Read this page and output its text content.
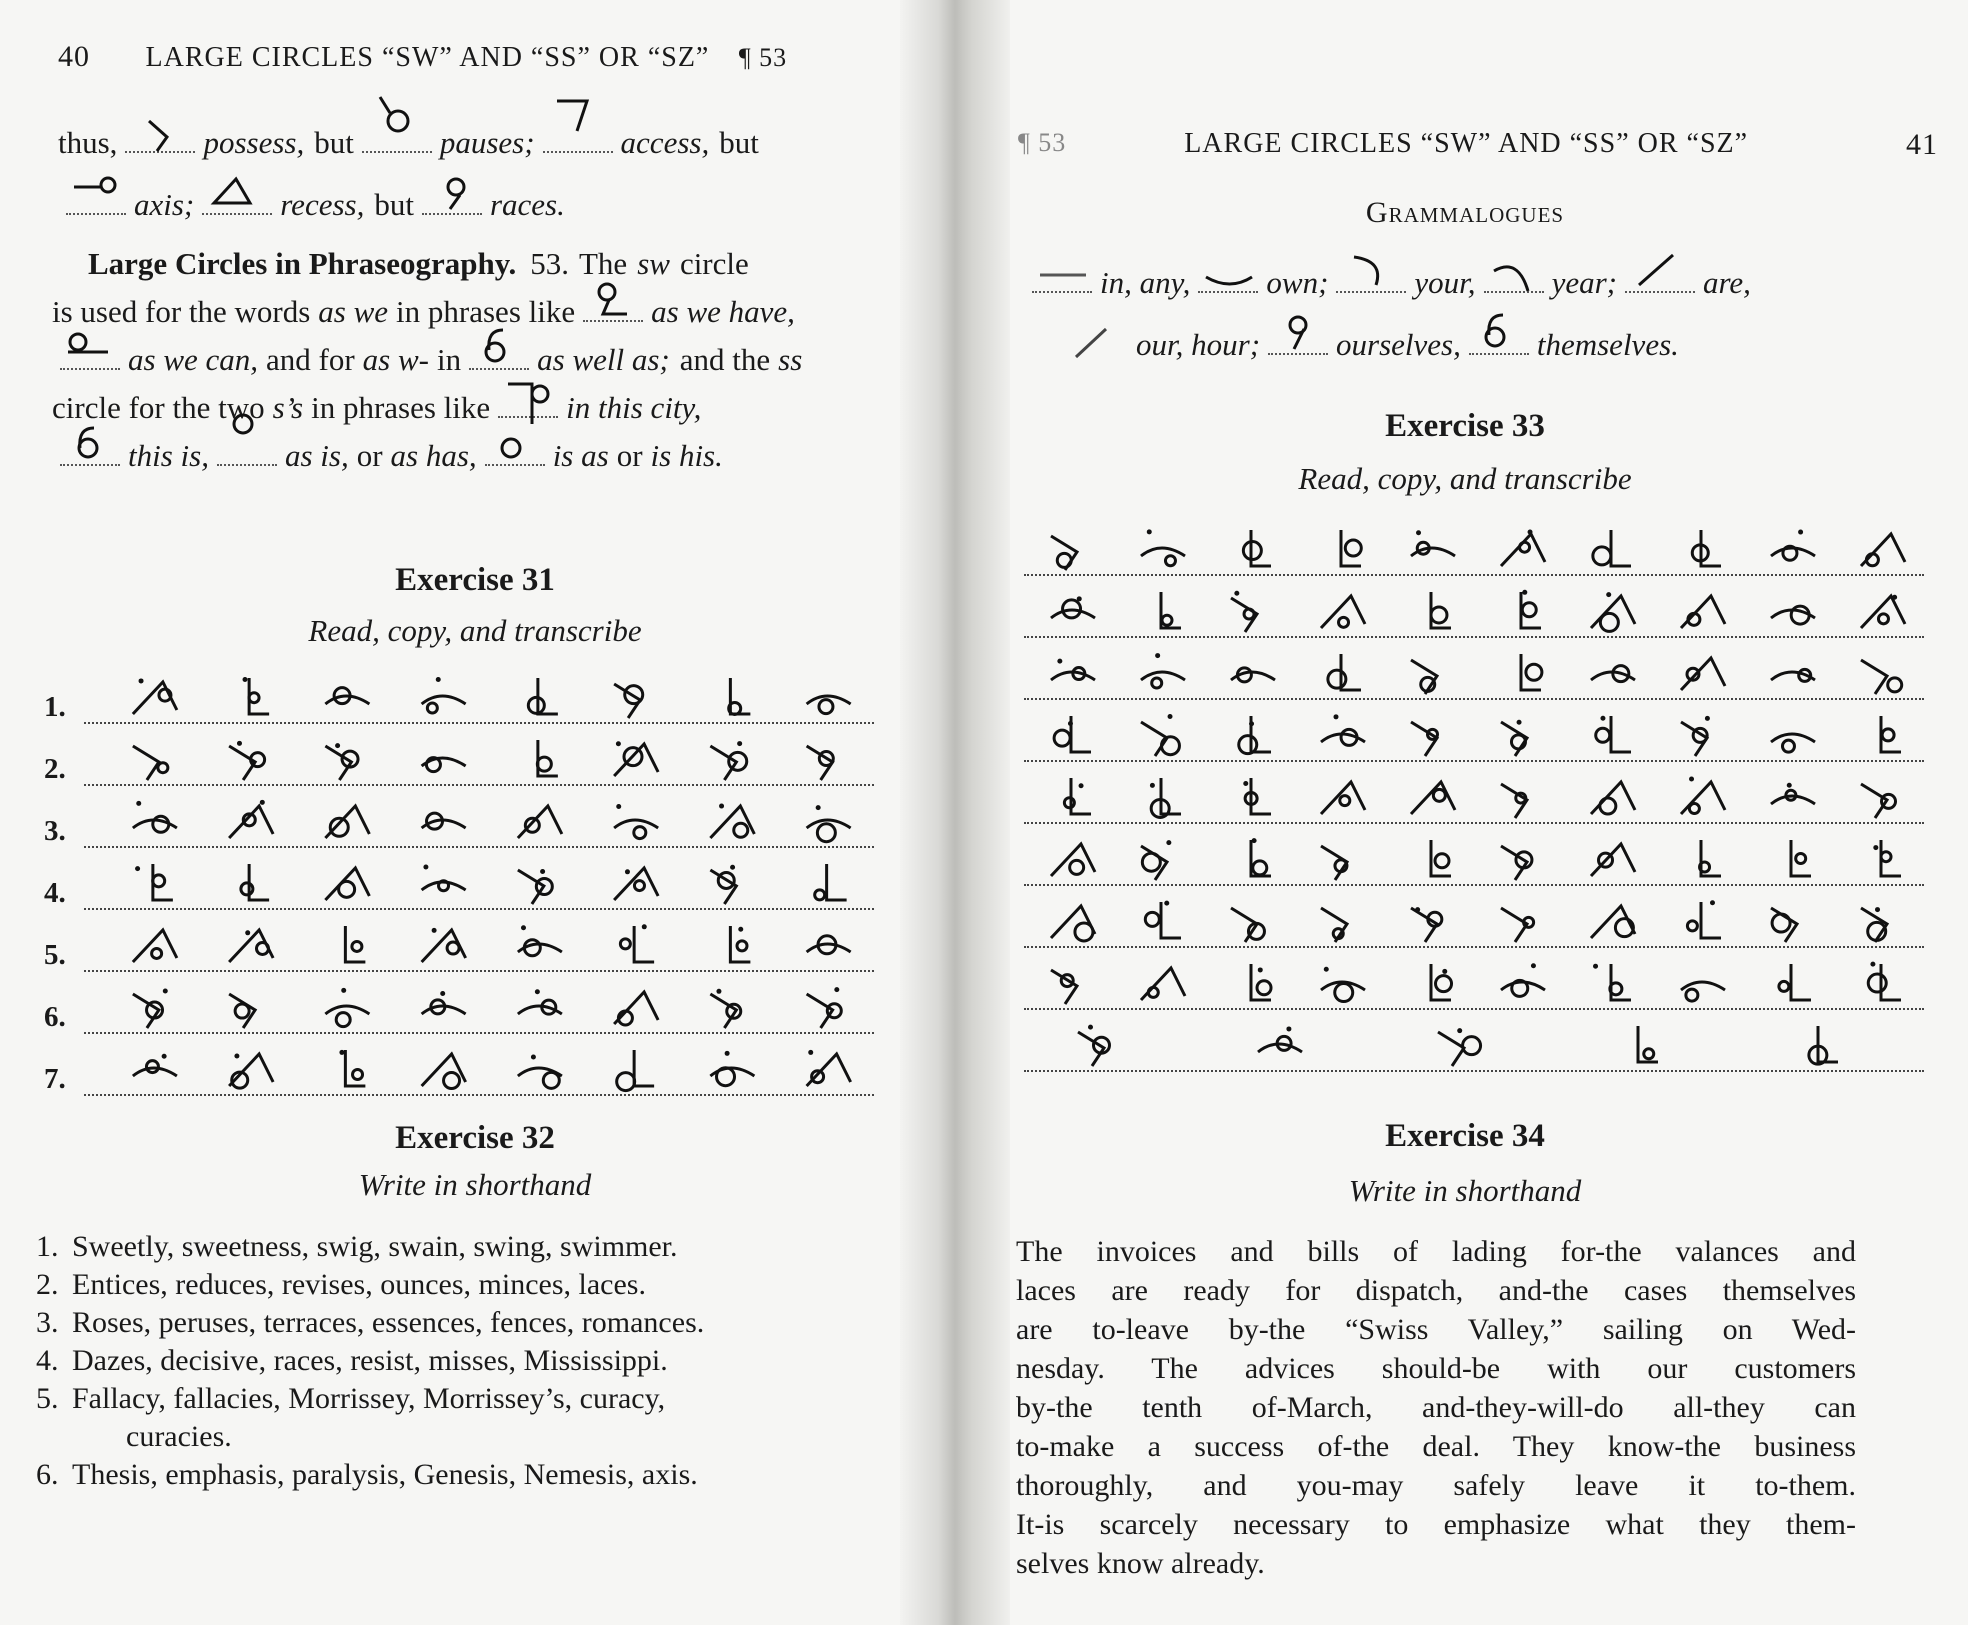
40 LARGE CIRCLES “SW” AND “SS” OR “SZ” ¶ 53
thus,	possess, but	pauses;	access, but
axis;	recess, but races.
Large Circles in Phraseography. 53. The sw circle
is used for the words as we in phrases like as we have,
as we can, and for as w- in as well as; and the ss
circle for the two s’s in phrases like in this city,
this is, as is, or as has, is as or is his.
Exercise 31
Read, copy, and transcribe
1.
2.
3.
4.
5.
6.
7.
Exercise 32
Write in shorthand
1. Sweetly, sweetness, swig, swain, swing, swimmer.
2. Entices, reduces, revises, ounces, minces, laces.
3. Roses, peruses, terraces, essences, fences, romances.
4. Dazes, decisive, races, resist, misses, Mississippi.
5. Fallacy, fallacies, Morrissey, Morrissey’s, curacy,
curacies.
6. Thesis, emphasis, paralysis, Genesis, Nemesis, axis.
¶ 53	LARGE CIRCLES “SW” AND “SS” OR “SZ”	41
Grammalogues
in, any, own;	your, year;	are,
our, hour; ourselves, themselves.
Exercise 33
Read, copy, and transcribe
Exercise 34
Write in shorthand
The invoices and bills of lading for-the valances and
laces are ready for dispatch, and-the cases themselves
are to-leave by-the “Swiss Valley,” sailing on Wed-
nesday. The advices should-be with our customers
by-the tenth of-March, and-they-will-do all-they can
to-make a success of-the deal. They know-the business
thoroughly, and you-may safely leave it to-them.
It-is scarcely necessary to emphasize what they them-
selves know already.
